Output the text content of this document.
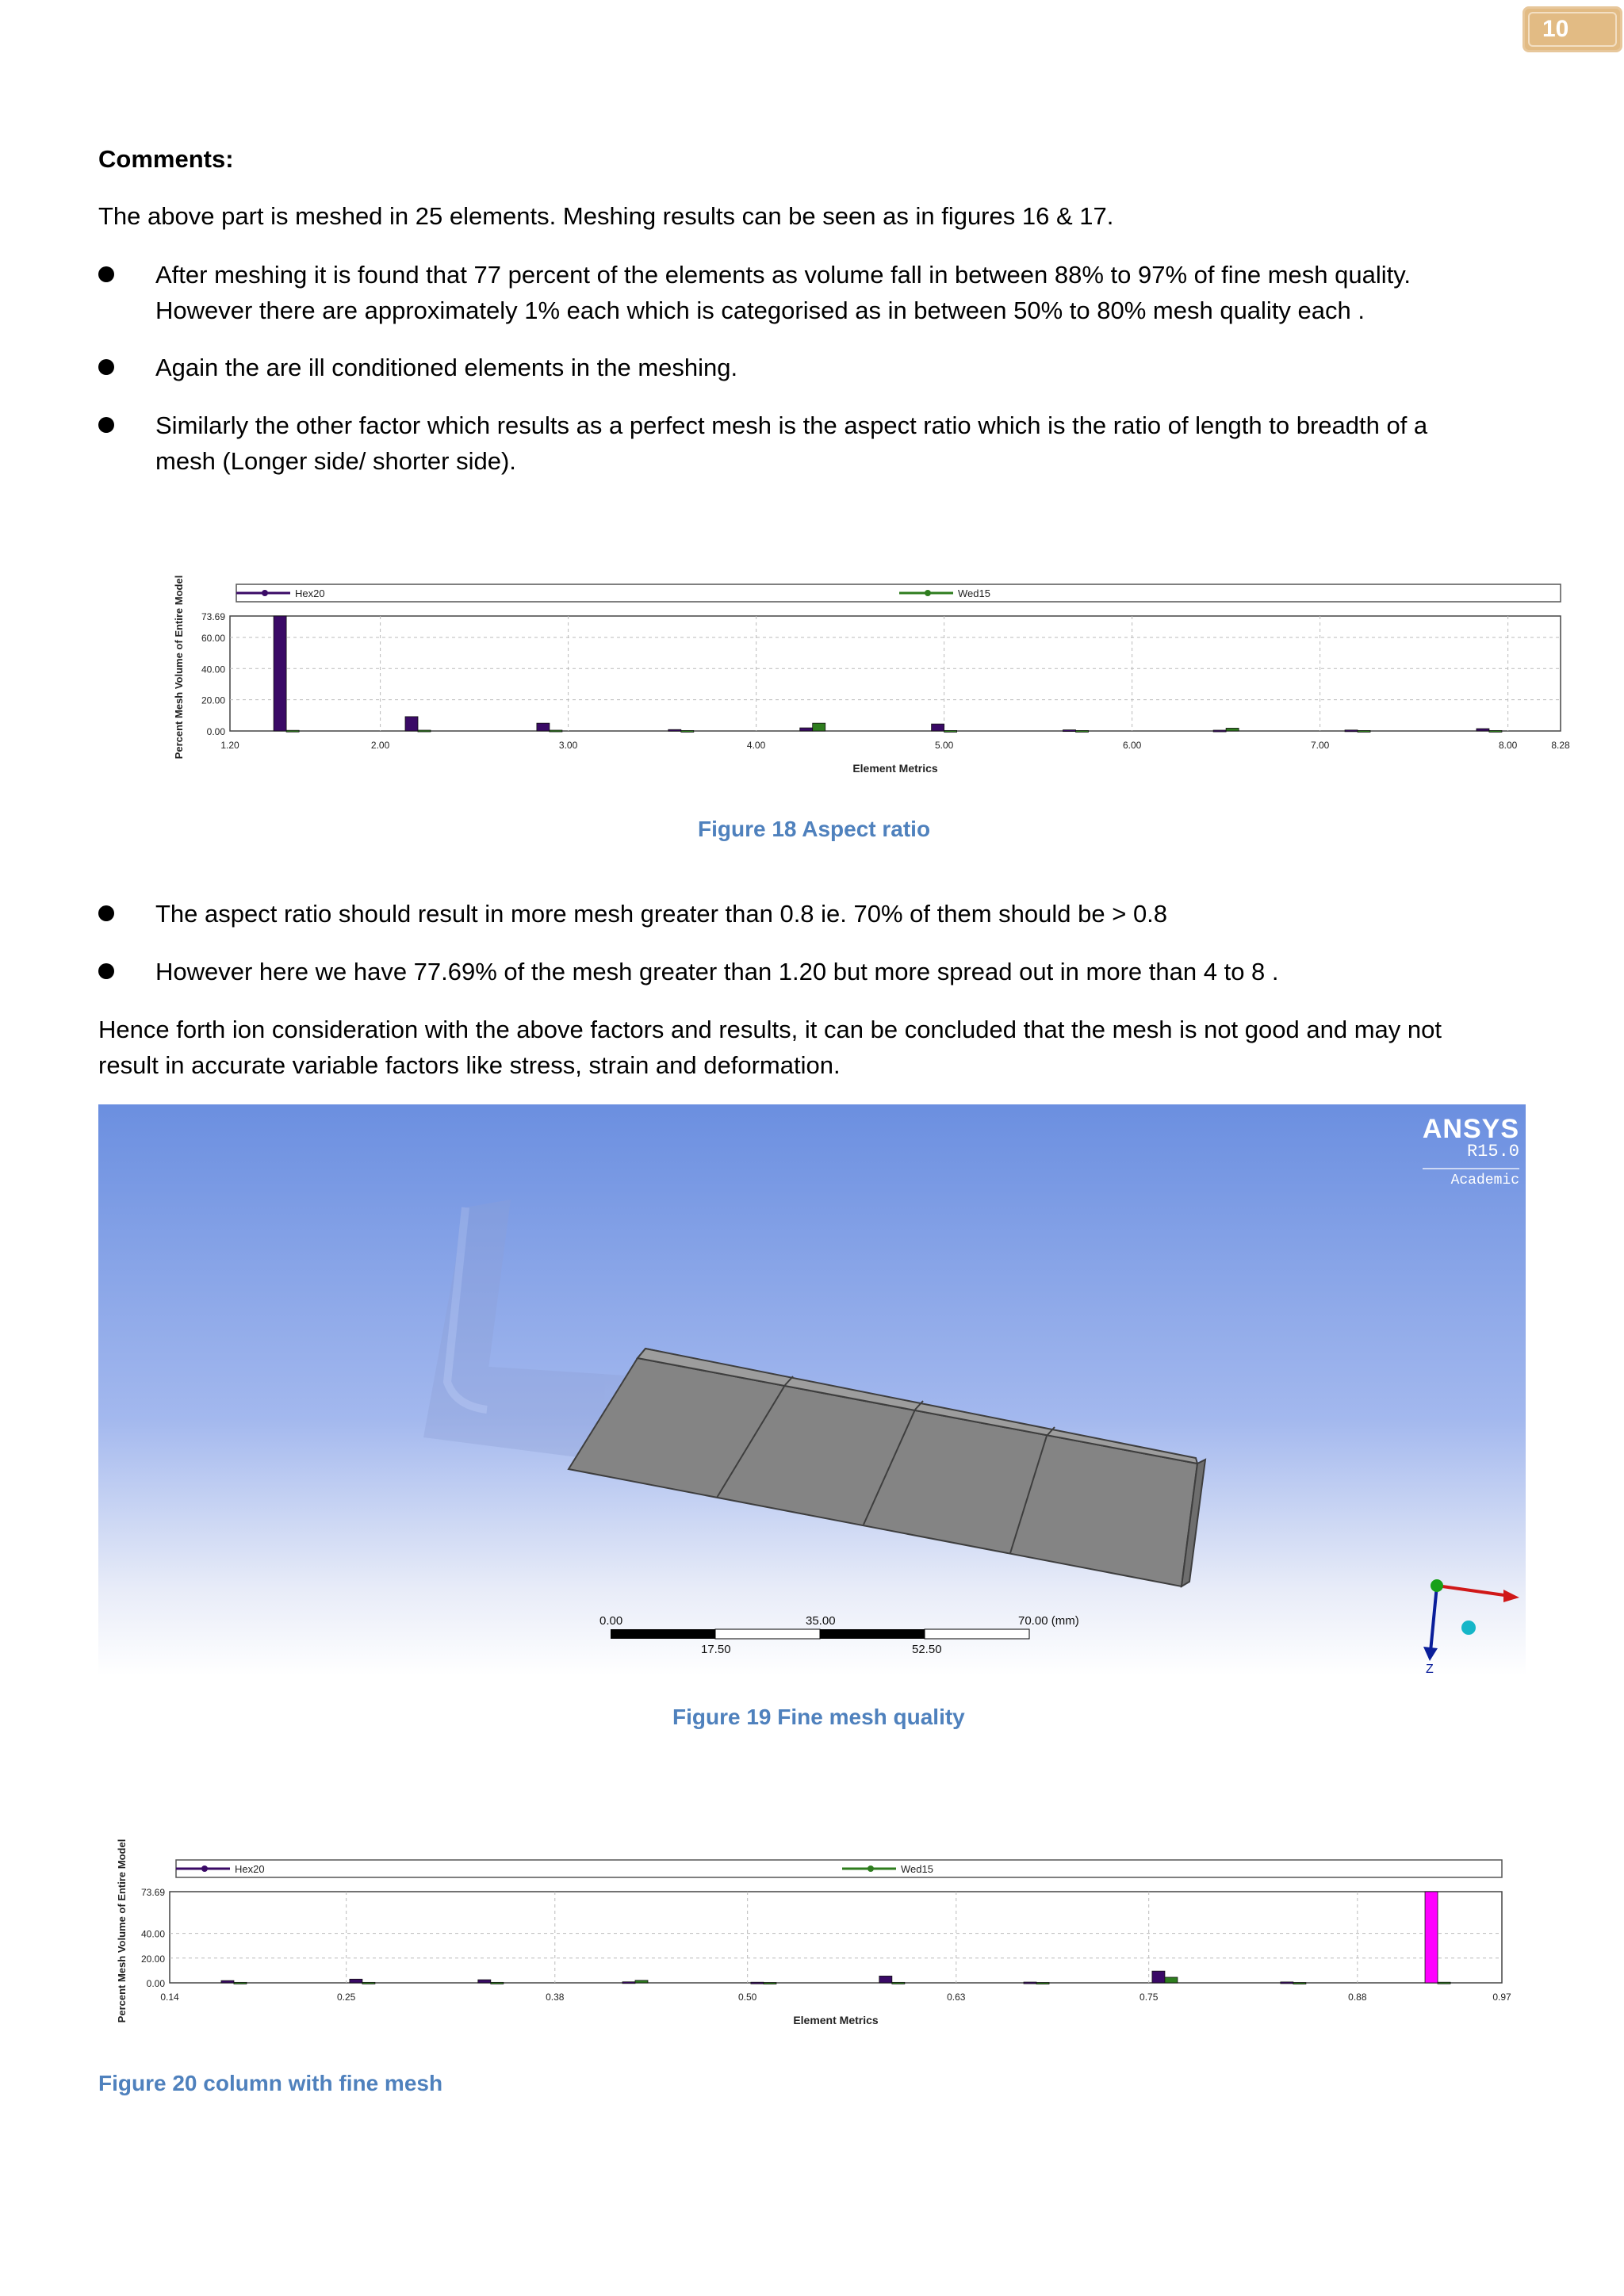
10
Comments:
The above part is meshed in 25 elements. Meshing results can be seen as in figures 16 & 17.
After meshing it is found that 77 percent of the elements as volume fall in between 88% to 97% of fine mesh quality. However there are approximately 1% each which is categorised as in between 50% to 80% mesh quality each .
Again the are ill conditioned elements in the meshing.
Similarly the other factor which results as a perfect mesh is the aspect ratio which is the ratio of length to breadth of a mesh (Longer side/ shorter side).
Hex20	Wed15
73.69
60.00
40.00
20.00
0.00
1.20	2.00	3.00	4.00	5.00	6.00	7.00	8.00	8.28
Element Metrics
Percent Mesh Volume of Entire Model
Figure 18 Aspect ratio
The aspect ratio should result in more mesh greater than 0.8 ie. 70% of them should be > 0.8
However here we have 77.69% of the mesh greater than 1.20 but more spread out in more than 4 to 8 .
Hence forth ion consideration with the above factors and results, it can be concluded that the mesh is not good and may not result in accurate variable factors like stress, strain and deformation.
0.00	35.00	70.00 (mm)
17.50	52.50
Z
ANSYS
R15.0
Academic
Figure 19 Fine mesh quality
Hex20	Wed15
73.69
40.00
20.00
0.00
0.14	0.25	0.38	0.50	0.63	0.75	0.88	0.97
Element Metrics
Percent Mesh Volume of Entire Model
Figure 20 column with fine mesh
